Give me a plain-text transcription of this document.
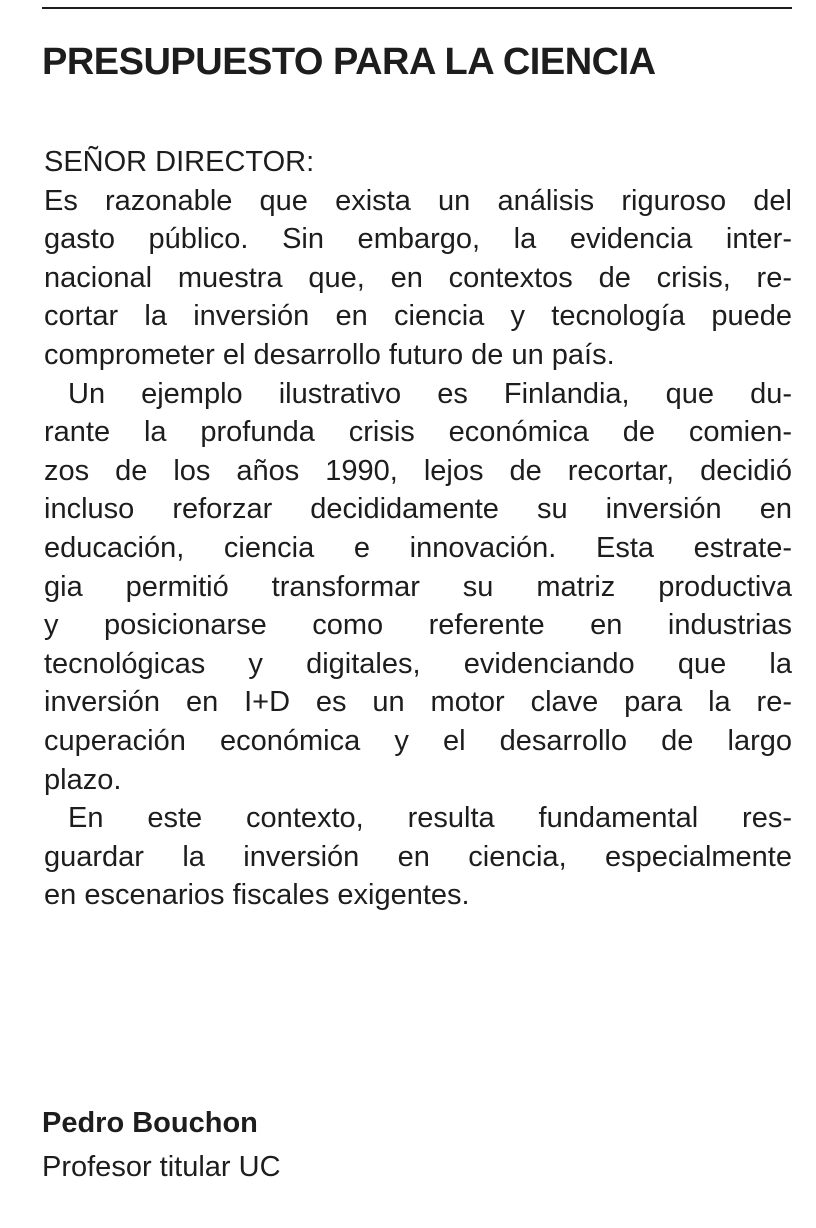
PRESUPUESTO PARA LA CIENCIA
SEÑOR DIRECTOR:
Es razonable que exista un análisis riguroso del
gasto público. Sin embargo, la evidencia inter-
nacional muestra que, en contextos de crisis, re-
cortar la inversión en ciencia y tecnología puede
comprometer el desarrollo futuro de un país.
Un ejemplo ilustrativo es Finlandia, que du-
rante la profunda crisis económica de comien-
zos de los años 1990, lejos de recortar, decidió
incluso reforzar decididamente su inversión en
educación, ciencia e innovación. Esta estrate-
gia permitió transformar su matriz productiva
y posicionarse como referente en industrias
tecnológicas y digitales, evidenciando que la
inversión en I+D es un motor clave para la re-
cuperación económica y el desarrollo de largo
plazo.
En este contexto, resulta fundamental res-
guardar la inversión en ciencia, especialmente
en escenarios fiscales exigentes.
Pedro Bouchon
Profesor titular UC
